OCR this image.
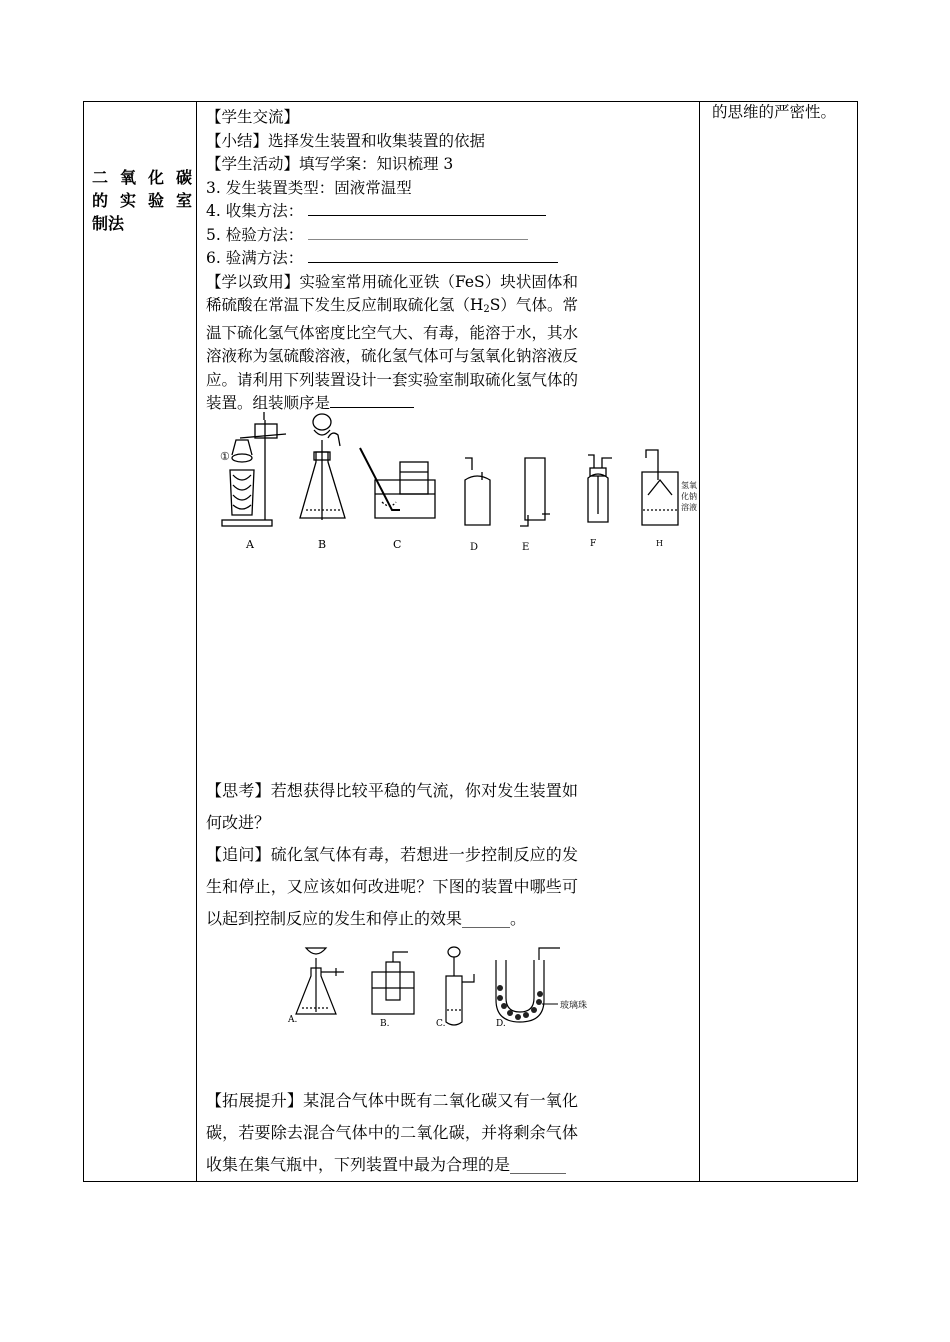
二 氧 化 碳
的 实 验 室
制法
的思维的严密性。
【学生交流】
【小结】选择发生装置和收集装置的依据
【学生活动】填写学案：知识梳理 3
3. 发生装置类型：固液常温型
4. 收集方法：
5. 检验方法：
6. 验满方法：
【学以致用】实验室常用硫化亚铁（FeS）块状固体和稀硫酸在常温下发生反应制取硫化氢$(H_2S)$气体。常温下硫化氢气体密度比空气大、有毒，能溶于水，其水溶液称为氢硫酸溶液，硫化氢气体可与氢氧化钠溶液反应。请利用下列装置设计一套实验室制取硫化氢气体的装置。组装顺序是
①
氢氧
化钠
溶液
A	B	C	D	E	F	H
【思考】若想获得比较平稳的气流，你对发生装置如何改进？
【追问】硫化氢气体有毒，若想进一步控制反应的发生和停止，又应该如何改进呢？下图的装置中哪些可以起到控制反应的发生和停止的效果______。
玻璃珠
A.	B.	C.	D.
【拓展提升】某混合气体中既有二氧化碳又有一氧化碳，若要除去混合气体中的二氧化碳，并将剩余气体收集在集气瓶中，下列装置中最为合理的是_______
